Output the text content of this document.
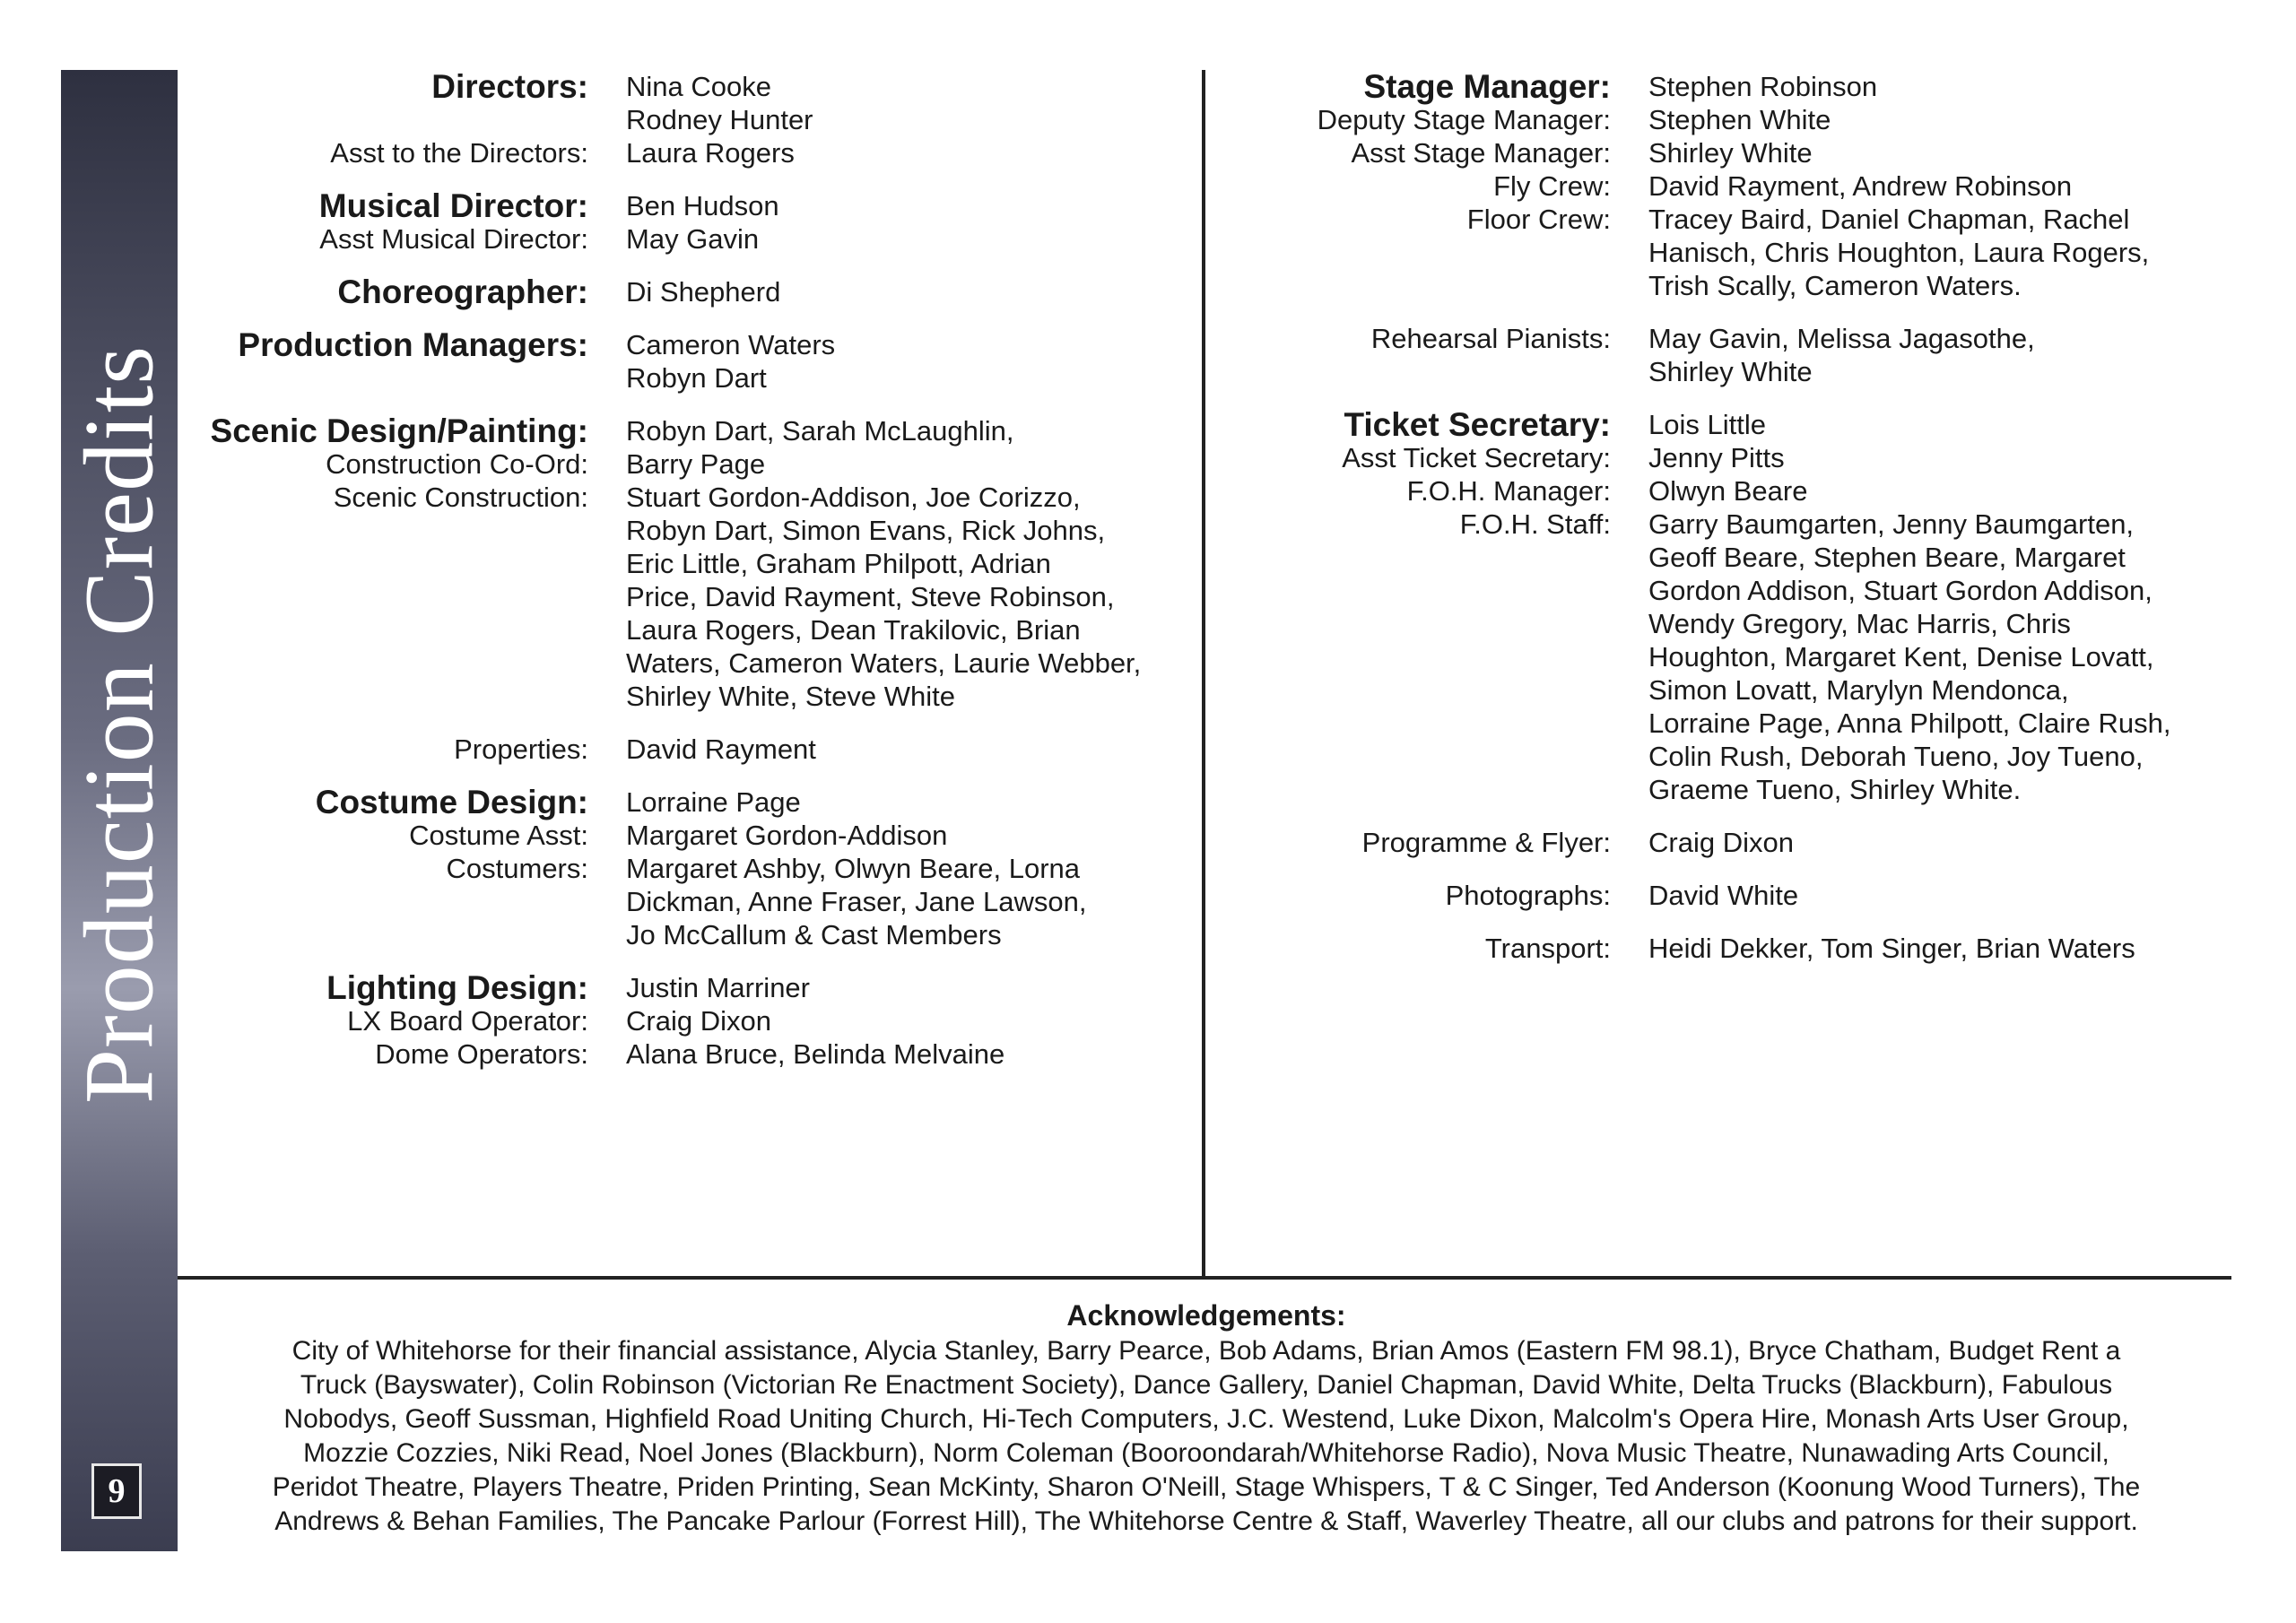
Production Credits
9
Directors:

Asst to the Directors:
Nina Cooke
Rodney Hunter
Laura Rogers
Musical Director:
Asst Musical Director:
Ben Hudson
May Gavin
Choreographer: Di Shepherd
Production Managers: Cameron Waters
Robyn Dart
Scenic Design/Painting:
Construction Co-Ord:
Scenic Construction:
Robyn Dart, Sarah McLaughlin,
Barry Page
Stuart Gordon-Addison, Joe Corizzo,
Robyn Dart, Simon Evans, Rick Johns,
Eric Little, Graham Philpott, Adrian
Price, David Rayment, Steve Robinson,
Laura Rogers, Dean Trakilovic, Brian
Waters, Cameron Waters, Laurie Webber,
Shirley White, Steve White
Properties: David Rayment
Costume Design:
Costume Asst:
Costumers:
Lorraine Page
Margaret Gordon-Addison
Margaret Ashby, Olwyn Beare, Lorna
Dickman, Anne Fraser, Jane Lawson,
Jo McCallum & Cast Members
Lighting Design:
LX Board Operator:
Dome Operators:
Justin Marriner
Craig Dixon
Alana Bruce, Belinda Melvaine
Stage Manager:
Deputy Stage Manager:
Asst Stage Manager:
Fly Crew:
Floor Crew:
Stephen Robinson
Stephen White
Shirley White
David Rayment, Andrew Robinson
Tracey Baird, Daniel Chapman, Rachel
Hanisch, Chris Houghton, Laura Rogers,
Trish Scally, Cameron Waters.
Rehearsal Pianists: May Gavin, Melissa Jagasothe,
Shirley White
Ticket Secretary:
Asst Ticket Secretary:
F.O.H. Manager:
F.O.H. Staff:
Lois Little
Jenny Pitts
Olwyn Beare
Garry Baumgarten, Jenny Baumgarten,
Geoff Beare, Stephen Beare, Margaret
Gordon Addison, Stuart Gordon Addison,
Wendy Gregory, Mac Harris, Chris
Houghton, Margaret Kent, Denise Lovatt,
Simon Lovatt, Marylyn Mendonca,
Lorraine Page, Anna Philpott, Claire Rush,
Colin Rush, Deborah Tueno, Joy Tueno,
Graeme Tueno, Shirley White.
Programme & Flyer: Craig Dixon
Photographs: David White
Transport: Heidi Dekker, Tom Singer, Brian Waters
Acknowledgements:
City of Whitehorse for their financial assistance, Alycia Stanley, Barry Pearce, Bob Adams, Brian Amos (Eastern FM 98.1), Bryce Chatham, Budget Rent a
Truck (Bayswater), Colin Robinson (Victorian Re Enactment Society), Dance Gallery, Daniel Chapman, David White, Delta Trucks (Blackburn), Fabulous
Nobodys, Geoff Sussman, Highfield Road Uniting Church, Hi-Tech Computers, J.C. Westend, Luke Dixon, Malcolm's Opera Hire, Monash Arts User Group,
Mozzie Cozzies, Niki Read, Noel Jones (Blackburn), Norm Coleman (Booroondarah/Whitehorse Radio), Nova Music Theatre, Nunawading Arts Council,
Peridot Theatre, Players Theatre, Priden Printing, Sean McKinty, Sharon O'Neill, Stage Whispers, T & C Singer, Ted Anderson (Koonung Wood Turners), The
Andrews & Behan Families, The Pancake Parlour (Forrest Hill), The Whitehorse Centre & Staff, Waverley Theatre, all our clubs and patrons for their support.
